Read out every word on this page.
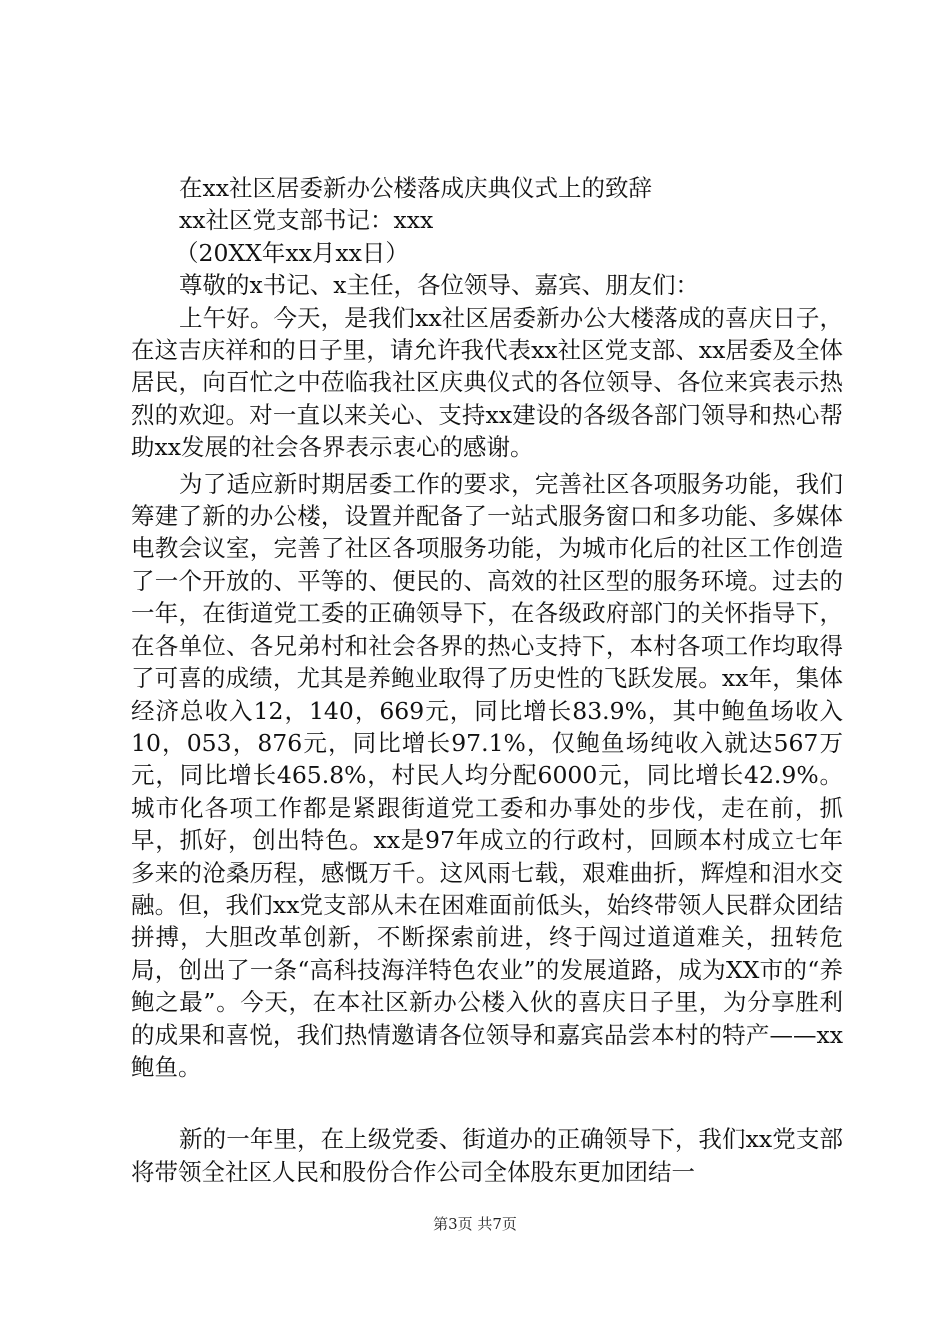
在xx社区居委新办公楼落成庆典仪式上的致辞

xx社区党支部书记：xxx

（20XX年xx月xx日）

尊敬的x书记、x主任，各位领导、嘉宾、朋友们：

上午好。今天，是我们xx社区居委新办公大楼落成的喜庆日子，在这吉庆祥和的日子里，请允许我代表xx社区党支部、xx居委及全体居民，向百忙之中莅临我社区庆典仪式的各位领导、各位来宾表示热烈的欢迎。对一直以来关心、支持xx建设的各级各部门领导和热心帮助xx发展的社会各界表示衷心的感谢。

为了适应新时期居委工作的要求，完善社区各项服务功能，我们筹建了新的办公楼，设置并配备了一站式服务窗口和多功能、多媒体电教会议室，完善了社区各项服务功能，为城市化后的社区工作创造了一个开放的、平等的、便民的、高效的社区型的服务环境。过去的一年，在街道党工委的正确领导下，在各级政府部门的关怀指导下，在各单位、各兄弟村和社会各界的热心支持下，本村各项工作均取得了可喜的成绩，尤其是养鲍业取得了历史性的飞跃发展。xx年，集体经济总收入12，140，669元，同比增长83.9%，其中鲍鱼场收入10，053，876元，同比增长97.1%，仅鲍鱼场纯收入就达567万元，同比增长465.8%，村民人均分配6000元，同比增长42.9%。城市化各项工作都是紧跟街道党工委和办事处的步伐，走在前，抓早，抓好，创出特色。xx是97年成立的行政村，回顾本村成立七年多来的沧桑历程，感慨万千。这风雨七载，艰难曲折，辉煌和泪水交融。但，我们xx党支部从未在困难面前低头，始终带领人民群众团结拼搏，大胆改革创新，不断探索前进，终于闯过道道难关，扭转危局，创出了一条“高科技海洋特色农业”的发展道路，成为XX市的“养鲍之最”。今天，在本社区新办公楼入伙的喜庆日子里，为分享胜利的成果和喜悦，我们热情邀请各位领导和嘉宾品尝本村的特产——xx鲍鱼。

新的一年里，在上级党委、街道办的正确领导下，我们xx党支部将带领全社区人民和股份合作公司全体股东更加团结一

第3页 共7页
